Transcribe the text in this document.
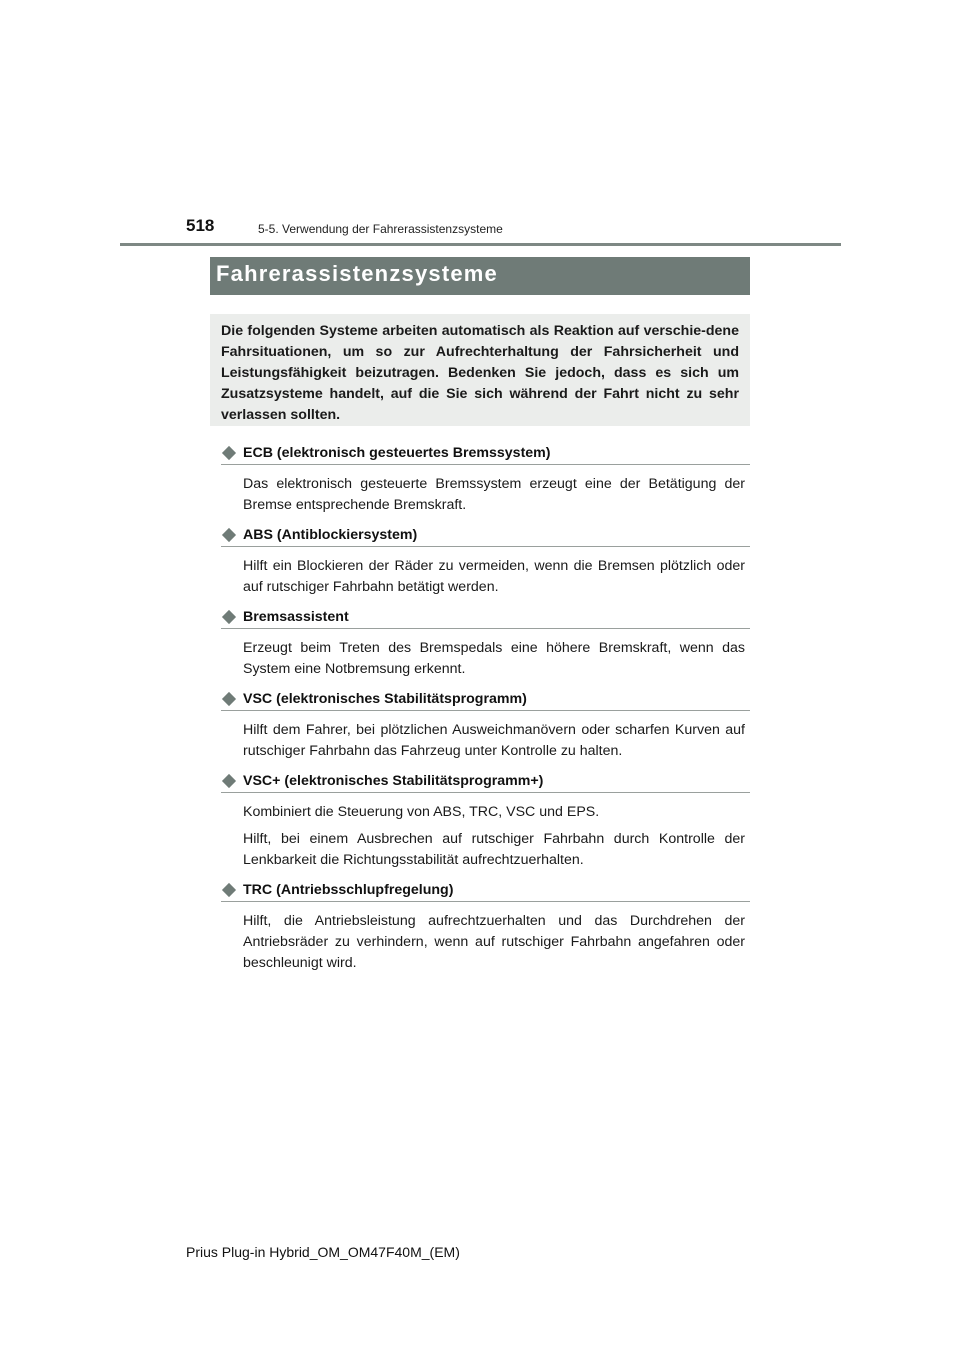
518	5-5. Verwendung der Fahrerassistenzsysteme
Fahrerassistenzsysteme

Die folgenden Systeme arbeiten automatisch als Reaktion auf verschie-dene Fahrsituationen, um so zur Aufrechterhaltung der Fahrsicherheit und Leistungsfähigkeit beizutragen. Bedenken Sie jedoch, dass es sich um Zusatzsysteme handelt, auf die Sie sich während der Fahrt nicht zu sehr verlassen sollten.

ECB (elektronisch gesteuertes Bremssystem)

Das elektronisch gesteuerte Bremssystem erzeugt eine der Betätigung der Bremse entsprechende Bremskraft.

ABS (Antiblockiersystem)

Hilft ein Blockieren der Räder zu vermeiden, wenn die Bremsen plötzlich oder auf rutschiger Fahrbahn betätigt werden.

Bremsassistent

Erzeugt beim Treten des Bremspedals eine höhere Bremskraft, wenn das System eine Notbremsung erkennt.

VSC (elektronisches Stabilitätsprogramm)

Hilft dem Fahrer, bei plötzlichen Ausweichmanövern oder scharfen Kurven auf rutschiger Fahrbahn das Fahrzeug unter Kontrolle zu halten.

VSC+ (elektronisches Stabilitätsprogramm+)

Kombiniert die Steuerung von ABS, TRC, VSC und EPS.

Hilft, bei einem Ausbrechen auf rutschiger Fahrbahn durch Kontrolle der Lenkbarkeit die Richtungsstabilität aufrechtzuerhalten.

TRC (Antriebsschlupfregelung)

Hilft, die Antriebsleistung aufrechtzuerhalten und das Durchdrehen der Antriebsräder zu verhindern, wenn auf rutschiger Fahrbahn angefahren oder beschleunigt wird.

Prius Plug-in Hybrid_OM_OM47F40M_(EM)
